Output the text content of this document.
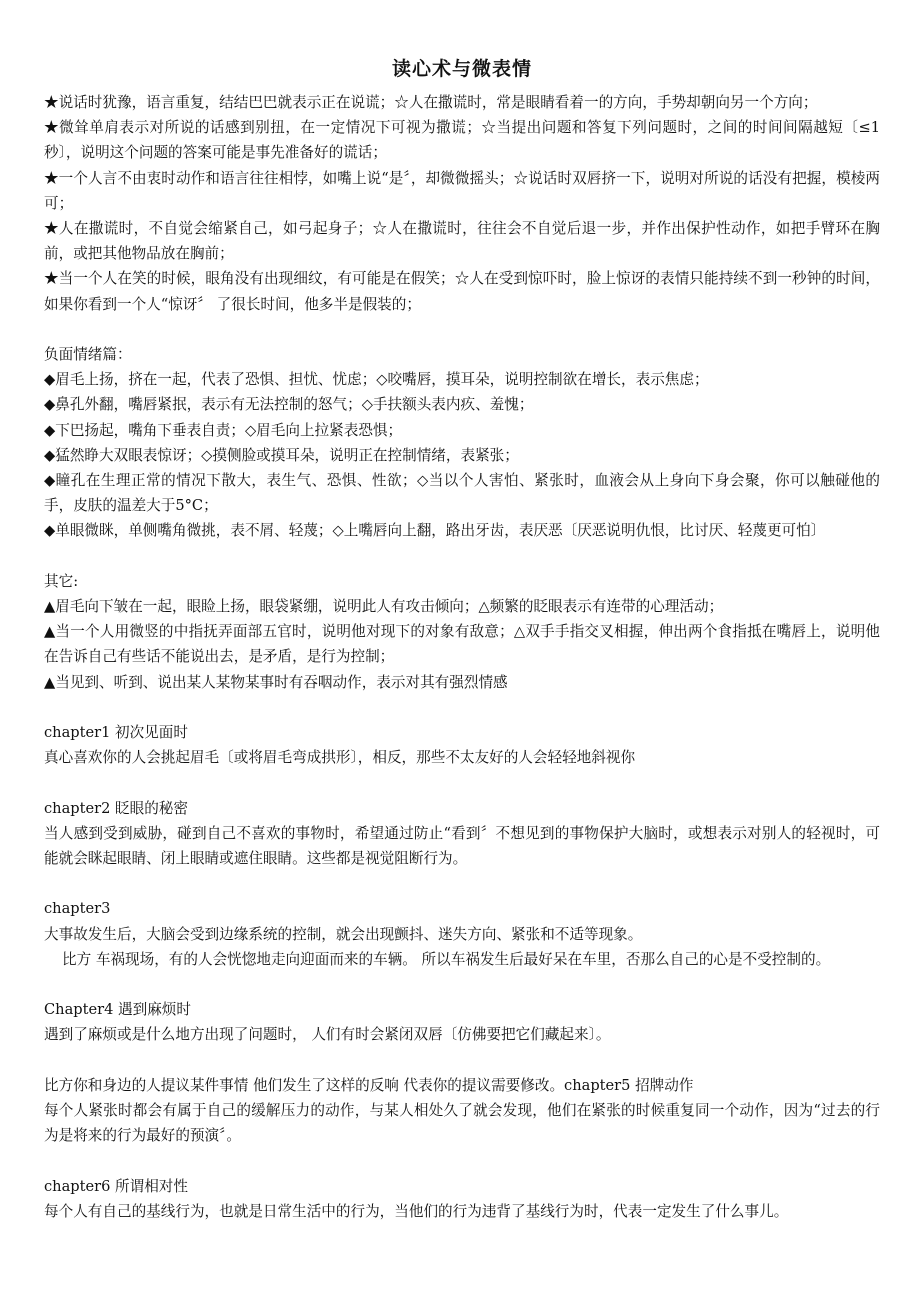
读心术与微表情

★说话时犹豫，语言重复，结结巴巴就表示正在说谎；☆人在撒谎时，常是眼睛看着一的方向，手势却朝向另一个方向；

★微耸单肩表示对所说的话感到别扭，在一定情况下可视为撒谎；☆当提出问题和答复下列问题时，之间的时间间隔越短〔≤1秒〕，说明这个问题的答案可能是事先准备好的谎话；

★一个人言不由衷时动作和语言往往相悖，如嘴上说“是〞，却微微摇头；☆说话时双唇挤一下，说明对所说的话没有把握，模棱两可；

★人在撒谎时，不自觉会缩紧自己，如弓起身子；☆人在撒谎时，往往会不自觉后退一步，并作出保护性动作，如把手臂环在胸前，或把其他物品放在胸前；

★当一个人在笑的时候，眼角没有出现细纹，有可能是在假笑；☆人在受到惊吓时，脸上惊讶的表情只能持续不到一秒钟的时间，如果你看到一个人“惊讶〞 了很长时间，他多半是假装的；

负面情绪篇：

◆眉毛上扬，挤在一起，代表了恐惧、担忧、忧虑；◇咬嘴唇，摸耳朵，说明控制欲在增长，表示焦虑；

◆鼻孔外翻，嘴唇紧抿，表示有无法控制的怒气；◇手扶额头表内疚、羞愧；

◆下巴扬起，嘴角下垂表自责；◇眉毛向上拉紧表恐惧；

◆猛然睁大双眼表惊讶；◇摸侧脸或摸耳朵，说明正在控制情绪，表紧张；

◆瞳孔在生理正常的情况下散大，表生气、恐惧、性欲；◇当以个人害怕、紧张时，血液会从上身向下身会聚，你可以触碰他的手，皮肤的温差大于5°C；

◆单眼微眯，单侧嘴角微挑，表不屑、轻蔑；◇上嘴唇向上翻，路出牙齿，表厌恶〔厌恶说明仇恨，比讨厌、轻蔑更可怕〕

其它:

▲眉毛向下皱在一起，眼睑上扬，眼袋紧绷，说明此人有攻击倾向；△频繁的眨眼表示有连带的心理活动；

▲当一个人用微竖的中指抚弄面部五官时，说明他对现下的对象有敌意；△双手手指交叉相握，伸出两个食指抵在嘴唇上，说明他在告诉自己有些话不能说出去，是矛盾，是行为控制；

▲当见到、听到、说出某人某物某事时有吞咽动作，表示对其有强烈情感

chapter1 初次见面时

真心喜欢你的人会挑起眉毛〔或将眉毛弯成拱形〕，相反，那些不太友好的人会轻轻地斜视你

chapter2 眨眼的秘密

当人感到受到威胁，碰到自己不喜欢的事物时，希望通过防止“看到〞不想见到的事物保护大脑时，或想表示对别人的轻视时，可能就会眯起眼睛、闭上眼睛或遮住眼睛。这些都是视觉阻断行为。

chapter3

大事故发生后，大脑会受到边缘系统的控制，就会出现颤抖、迷失方向、紧张和不适等现象。

比方 车祸现场，有的人会恍惚地走向迎面而来的车辆。 所以车祸发生后最好呆在车里，否那么自己的心是不受控制的。

Chapter4 遇到麻烦时

遇到了麻烦或是什么地方出现了问题时， 人们有时会紧闭双唇〔仿佛要把它们藏起来〕。

比方你和身边的人提议某件事情 他们发生了这样的反响 代表你的提议需要修改。chapter5 招牌动作

每个人紧张时都会有属于自己的缓解压力的动作，与某人相处久了就会发现，他们在紧张的时候重复同一个动作，因为“过去的行为是将来的行为最好的预演〞。

chapter6 所谓相对性

每个人有自己的基线行为，也就是日常生活中的行为，当他们的行为违背了基线行为时，代表一定发生了什么事儿。
